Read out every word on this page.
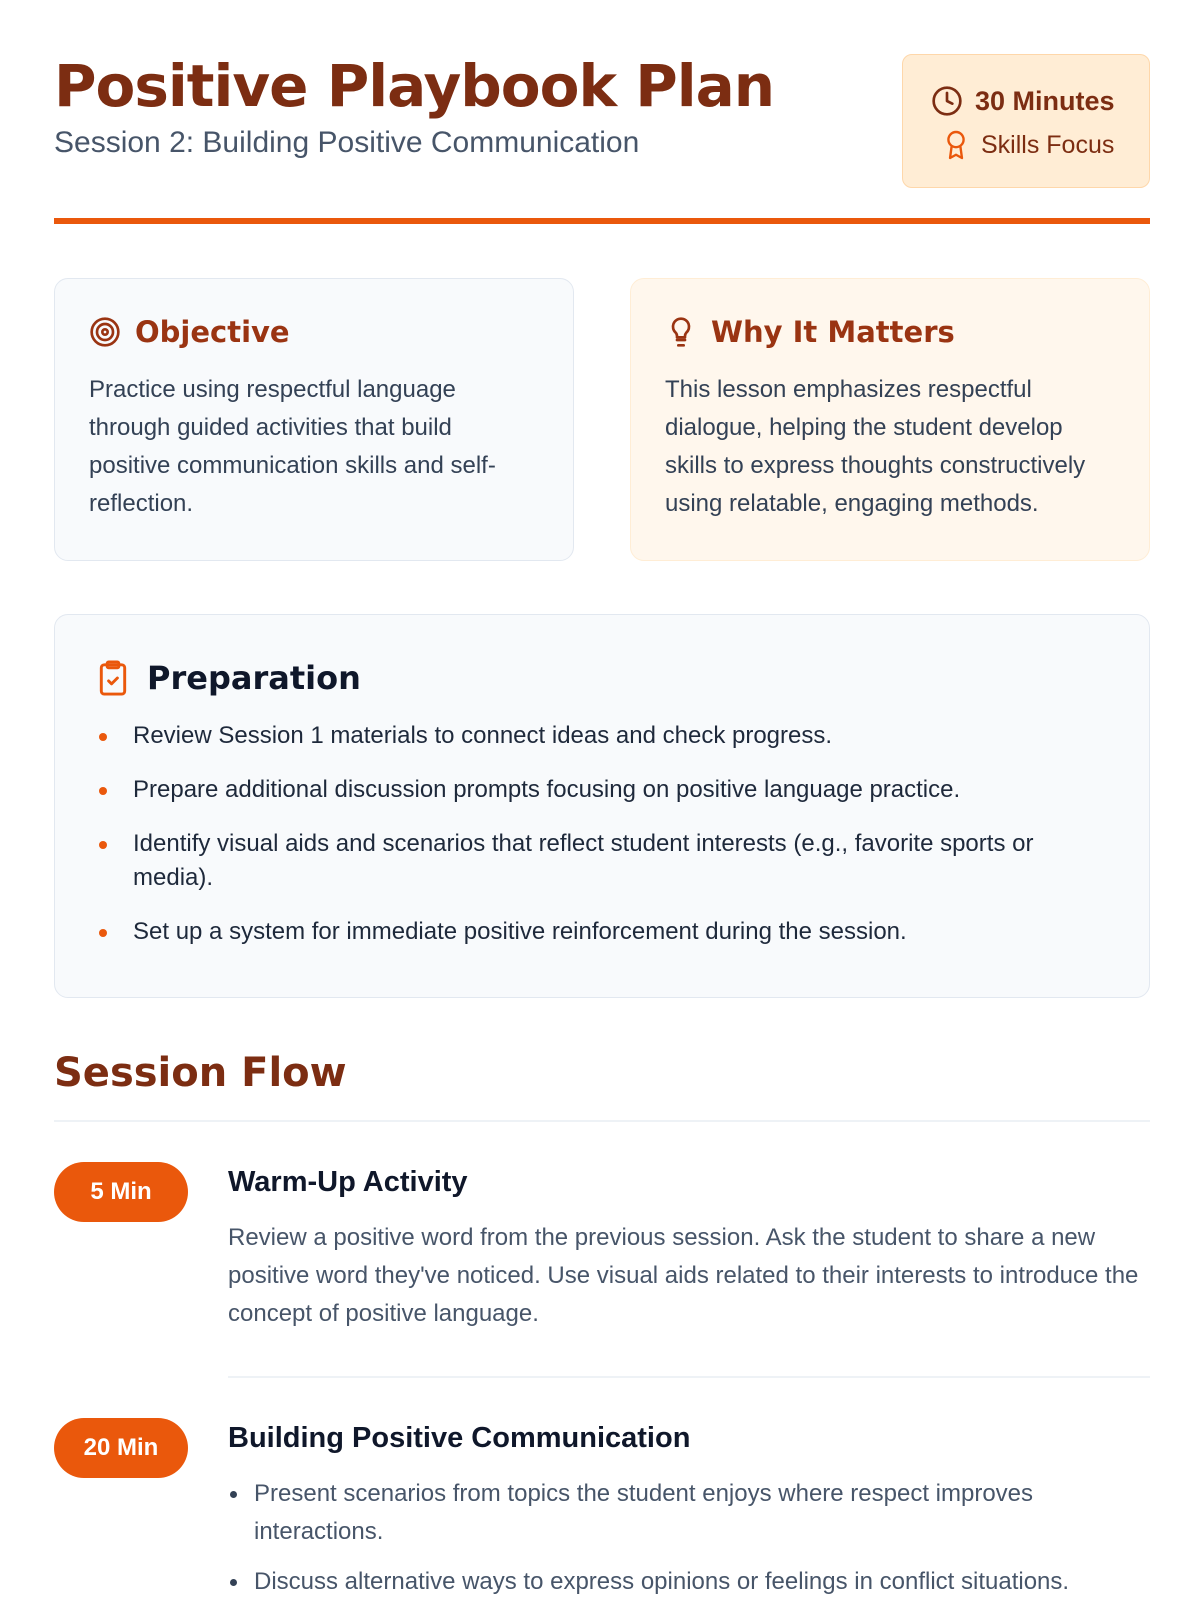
Positive Playbook Plan

Session 2: Building Positive Communication

30 Minutes
Skills Focus
Objective

Practice using respectful language through guided activities that build positive communication skills and self-reflection.

Why It Matters

This lesson emphasizes respectful dialogue, helping the student develop skills to express thoughts constructively using relatable, engaging methods.

Preparation
Review Session 1 materials to connect ideas and check progress.
Prepare additional discussion prompts focusing on positive language practice.
Identify visual aids and scenarios that reflect student interests (e.g., favorite sports or media).
Set up a system for immediate positive reinforcement during the session.
Session Flow
5 Min	Warm-Up Activity

Review a positive word from the previous session. Ask the student to share a new positive word they've noticed. Use visual aids related to their interests to introduce the concept of positive language.

20 Min	Building Positive Communication
Present scenarios from topics the student enjoys where respect improves interactions.
Discuss alternative ways to express opinions or feelings in conflict situations.
